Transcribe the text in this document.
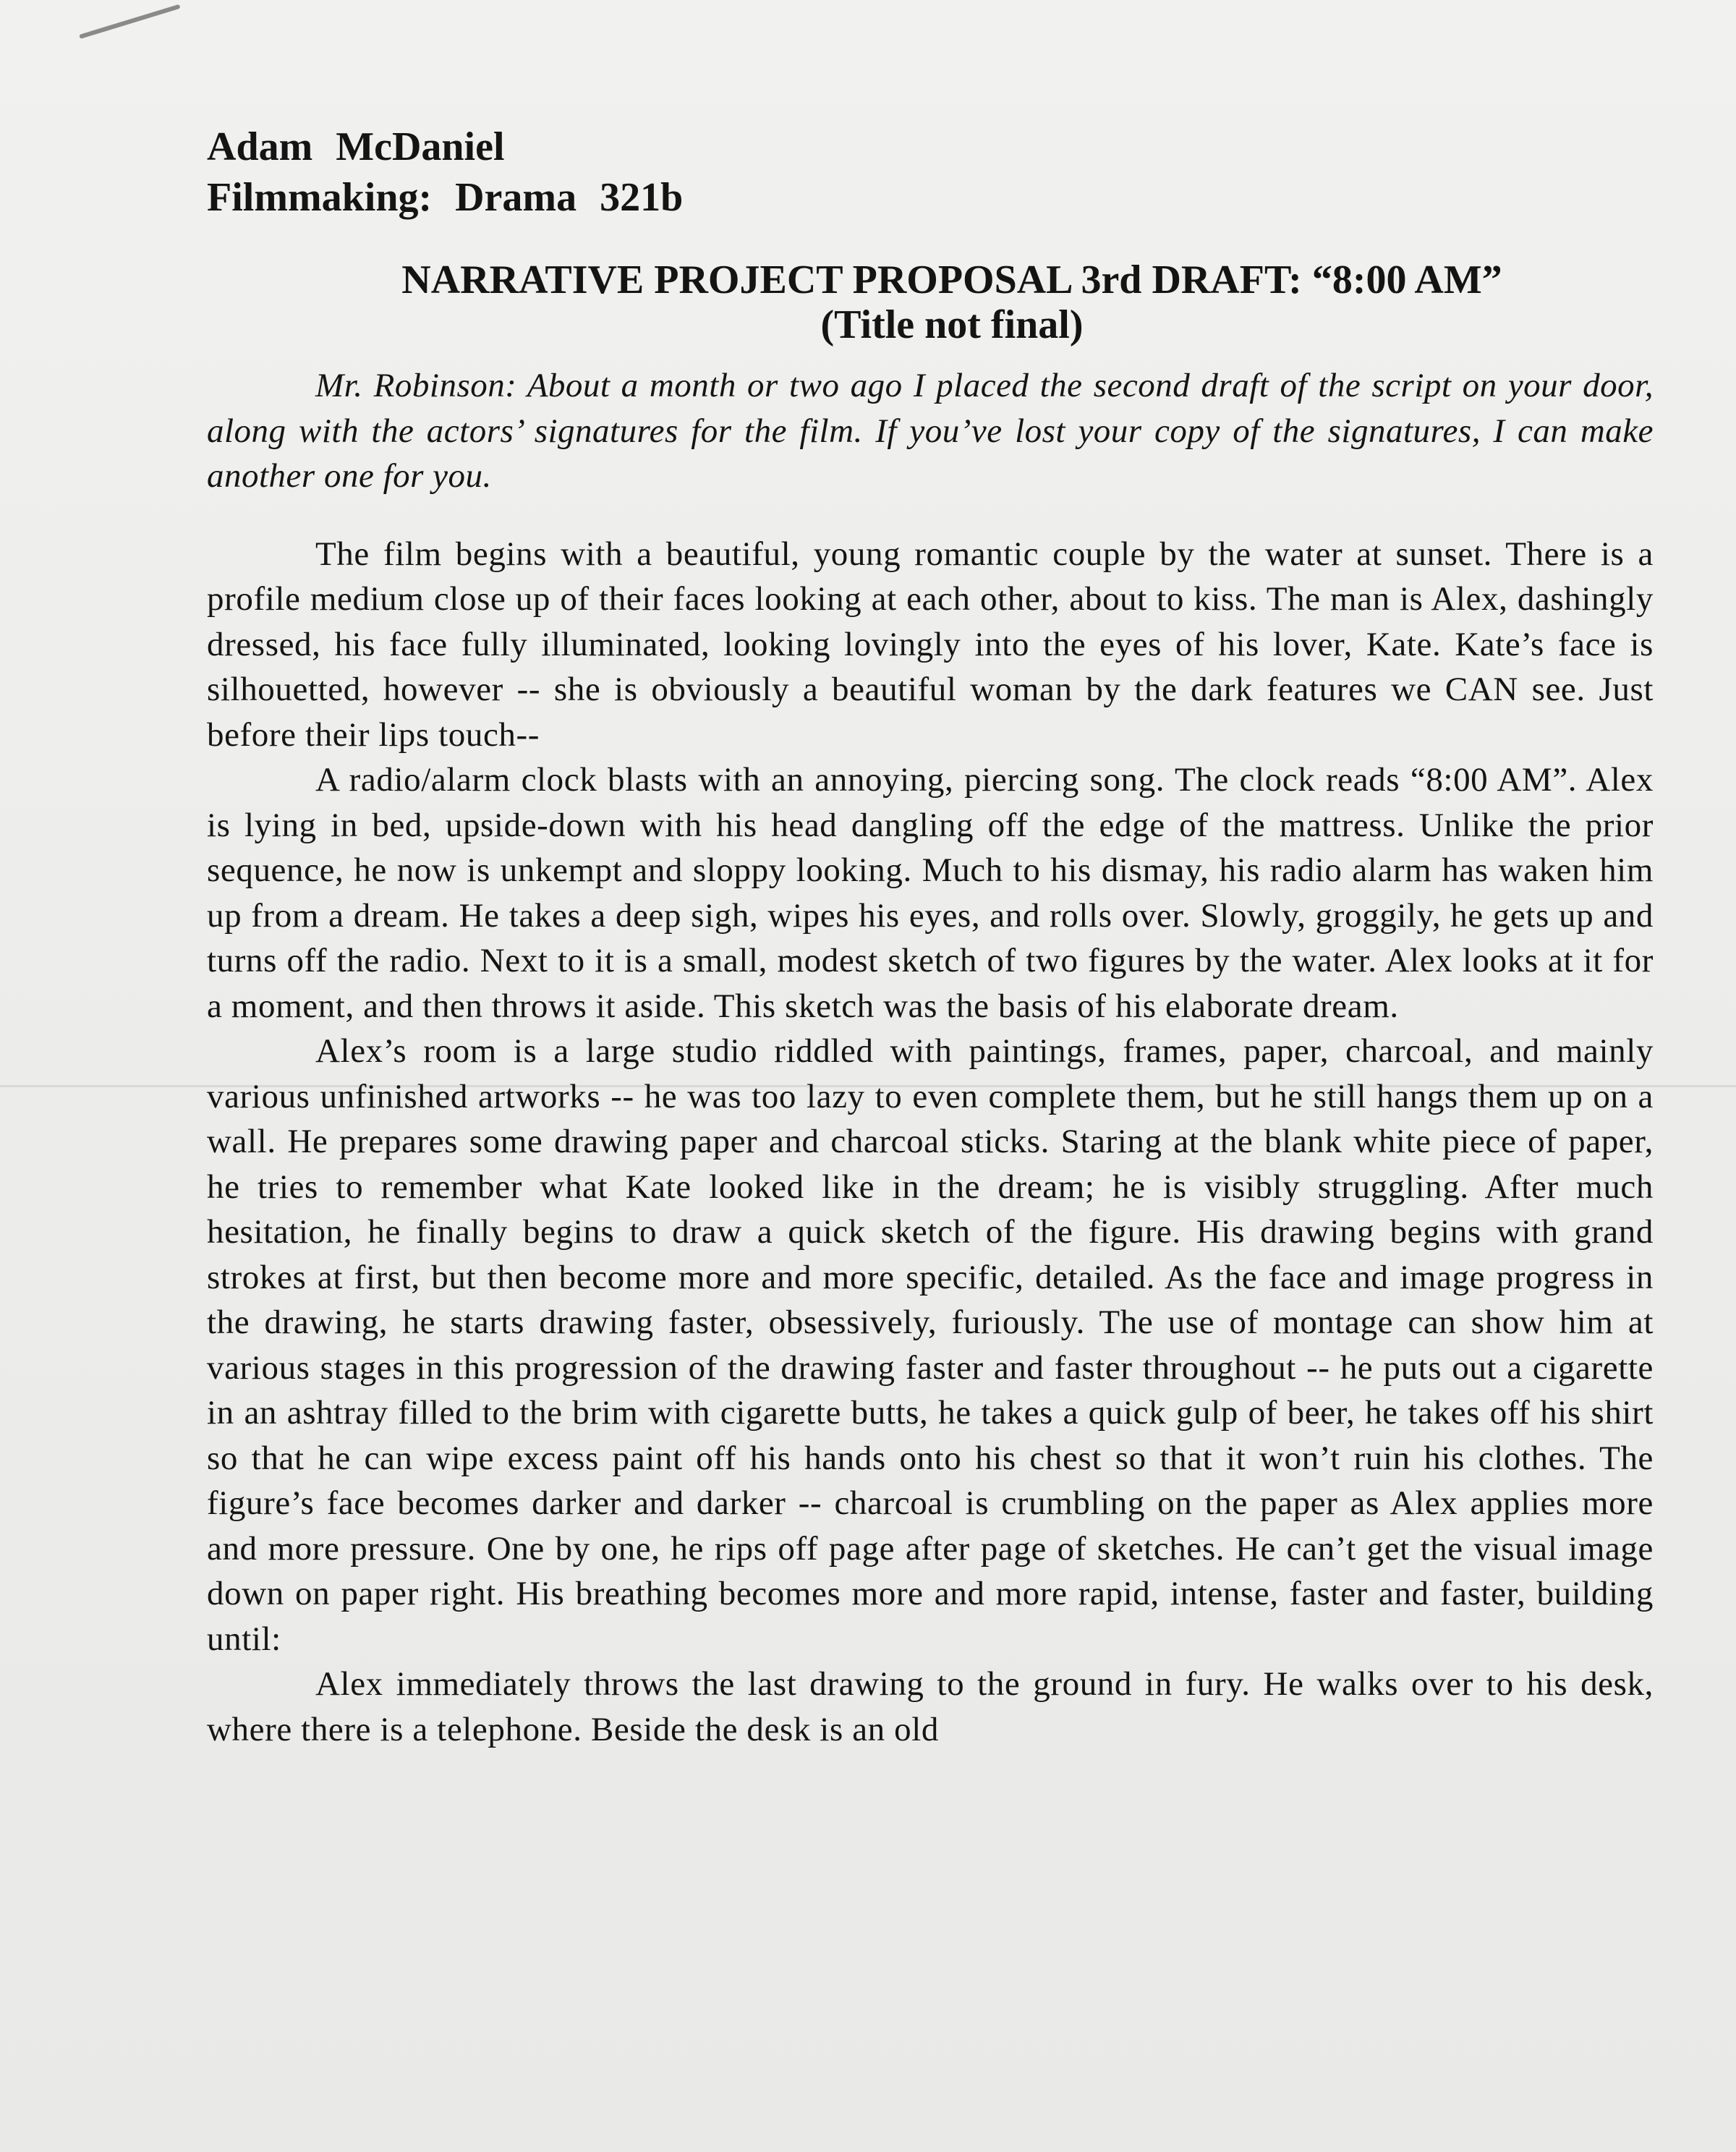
Adam McDaniel

Filmmaking: Drama 321b

NARRATIVE PROJECT PROPOSAL 3rd DRAFT: “8:00 AM”

(Title not final)

Mr. Robinson: About a month or two ago I placed the second draft of the script on your door, along with the actors’ signatures for the film. If you’ve lost your copy of the signatures, I can make another one for you.

The film begins with a beautiful, young romantic couple by the water at sunset. There is a profile medium close up of their faces looking at each other, about to kiss. The man is Alex, dashingly dressed, his face fully illuminated, looking lovingly into the eyes of his lover, Kate. Kate’s face is silhouetted, however -- she is obviously a beautiful woman by the dark features we CAN see. Just before their lips touch--

A radio/alarm clock blasts with an annoying, piercing song. The clock reads “8:00 AM”. Alex is lying in bed, upside-down with his head dangling off the edge of the mattress. Unlike the prior sequence, he now is unkempt and sloppy looking. Much to his dismay, his radio alarm has waken him up from a dream. He takes a deep sigh, wipes his eyes, and rolls over. Slowly, groggily, he gets up and turns off the radio. Next to it is a small, modest sketch of two figures by the water. Alex looks at it for a moment, and then throws it aside. This sketch was the basis of his elaborate dream.

Alex’s room is a large studio riddled with paintings, frames, paper, charcoal, and mainly various unfinished artworks -- he was too lazy to even complete them, but he still hangs them up on a wall. He prepares some drawing paper and charcoal sticks. Staring at the blank white piece of paper, he tries to remember what Kate looked like in the dream; he is visibly struggling. After much hesitation, he finally begins to draw a quick sketch of the figure. His drawing begins with grand strokes at first, but then become more and more specific, detailed. As the face and image progress in the drawing, he starts drawing faster, obsessively, furiously. The use of montage can show him at various stages in this progression of the drawing faster and faster throughout -- he puts out a cigarette in an ashtray filled to the brim with cigarette butts, he takes a quick gulp of beer, he takes off his shirt so that he can wipe excess paint off his hands onto his chest so that it won’t ruin his clothes. The figure’s face becomes darker and darker -- charcoal is crumbling on the paper as Alex applies more and more pressure. One by one, he rips off page after page of sketches. He can’t get the visual image down on paper right. His breathing becomes more and more rapid, intense, faster and faster, building until:

Alex immediately throws the last drawing to the ground in fury. He walks over to his desk, where there is a telephone. Beside the desk is an old
